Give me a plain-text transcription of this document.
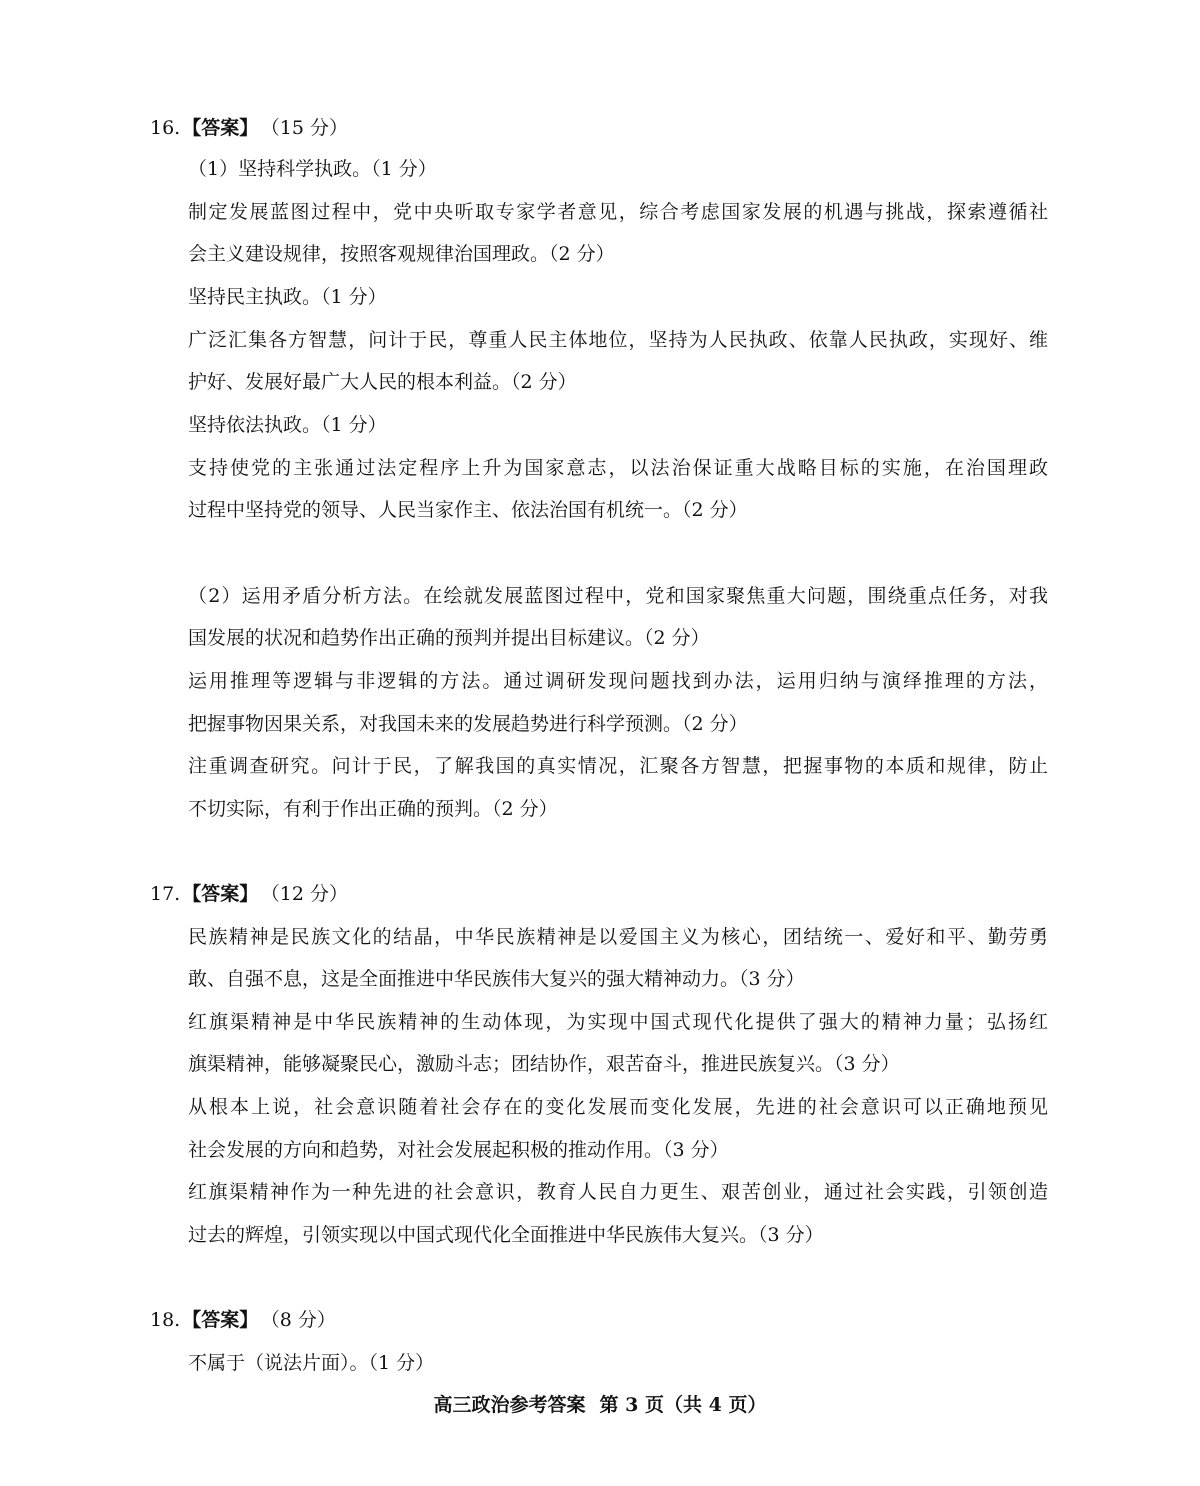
16. 【答案】 （15 分）
（1）坚持科学执政。（1 分）
制定发展蓝图过程中，党中央听取专家学者意见，综合考虑国家发展的机遇与挑战，探索遵循社
会主义建设规律，按照客观规律治国理政。（2 分）
坚持民主执政。（1 分）
广泛汇集各方智慧，问计于民，尊重人民主体地位，坚持为人民执政、依靠人民执政，实现好、维
护好、发展好最广大人民的根本利益。（2 分）
坚持依法执政。（1 分）
支持使党的主张通过法定程序上升为国家意志，以法治保证重大战略目标的实施，在治国理政
过程中坚持党的领导、人民当家作主、依法治国有机统一。（2 分）
（2）运用矛盾分析方法。在绘就发展蓝图过程中，党和国家聚焦重大问题，围绕重点任务，对我
国发展的状况和趋势作出正确的预判并提出目标建议。（2 分）
运用推理等逻辑与非逻辑的方法。通过调研发现问题找到办法，运用归纳与演绎推理的方法，
把握事物因果关系，对我国未来的发展趋势进行科学预测。（2 分）
注重调查研究。问计于民，了解我国的真实情况，汇聚各方智慧，把握事物的本质和规律，防止
不切实际，有利于作出正确的预判。（2 分）
17. 【答案】 （12 分）
民族精神是民族文化的结晶，中华民族精神是以爱国主义为核心，团结统一、爱好和平、勤劳勇
敢、自强不息，这是全面推进中华民族伟大复兴的强大精神动力。（3 分）
红旗渠精神是中华民族精神的生动体现，为实现中国式现代化提供了强大的精神力量；弘扬红
旗渠精神，能够凝聚民心，激励斗志；团结协作，艰苦奋斗，推进民族复兴。（3 分）
从根本上说，社会意识随着社会存在的变化发展而变化发展，先进的社会意识可以正确地预见
社会发展的方向和趋势，对社会发展起积极的推动作用。（3 分）
红旗渠精神作为一种先进的社会意识，教育人民自力更生、艰苦创业，通过社会实践，引领创造
过去的辉煌，引领实现以中国式现代化全面推进中华民族伟大复兴。（3 分）
18. 【答案】 （8 分）
不属于（说法片面）。（1 分）
高三政治参考答案 第 3 页（共 4 页）
